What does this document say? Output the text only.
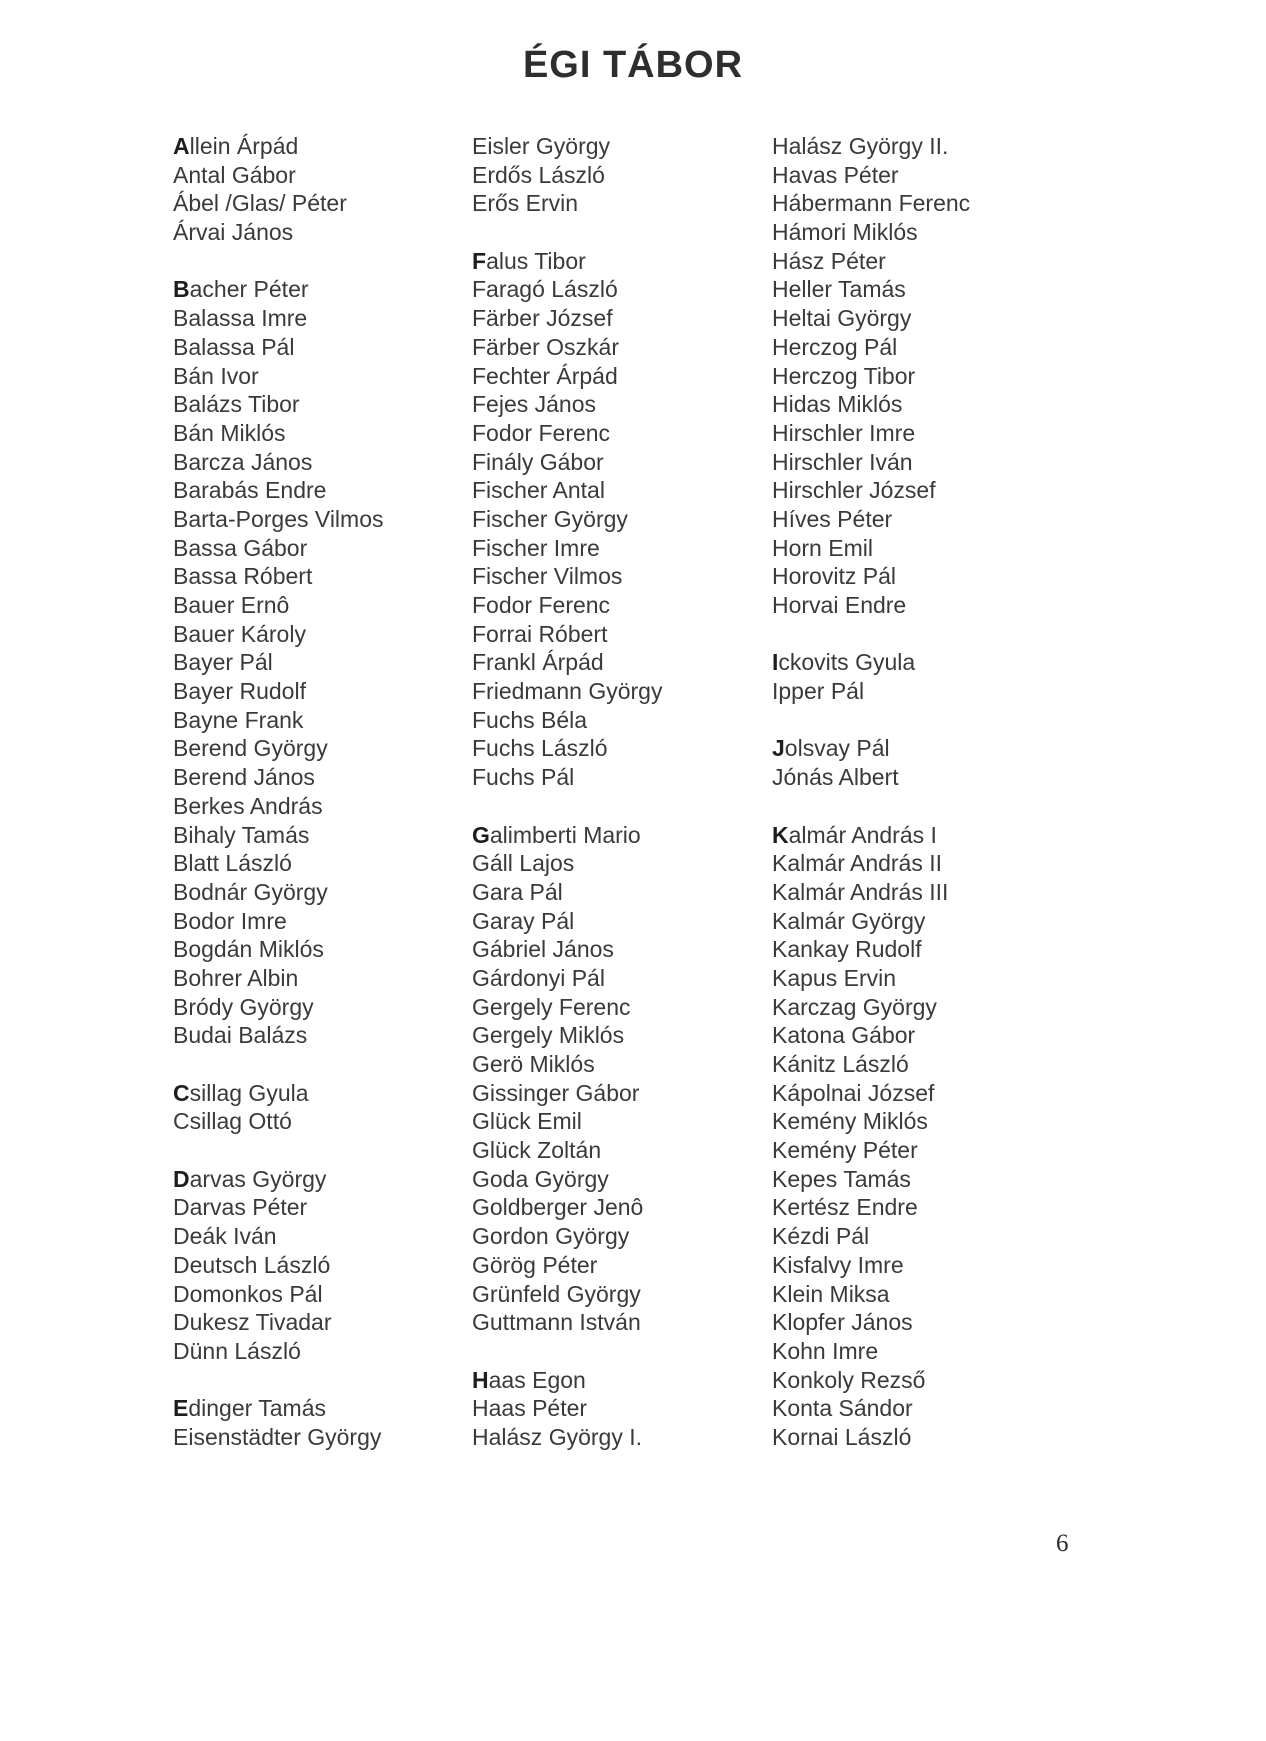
ÉGI TÁBOR
Allein Árpád
Antal Gábor
Ábel /Glas/ Péter
Árvai János

Bacher Péter
Balassa Imre
Balassa Pál
Bán Ivor
Balázs Tibor
Bán Miklós
Barcza János
Barabás Endre
Barta-Porges Vilmos
Bassa Gábor
Bassa Róbert
Bauer Ernô
Bauer Károly
Bayer Pál
Bayer Rudolf
Bayne Frank
Berend György
Berend János
Berkes András
Bihaly Tamás
Blatt László
Bodnár György
Bodor Imre
Bogdán Miklós
Bohrer Albin
Bródy György
Budai Balázs

Csillag Gyula
Csillag Ottó

Darvas György
Darvas Péter
Deák Iván
Deutsch László
Domonkos Pál
Dukesz Tivadar
Dünn László

Edinger Tamás
Eisenstädter György
Eisler György
Erdős László
Erős Ervin

Falus Tibor
Faragó László
Färber József
Färber Oszkár
Fechter Árpád
Fejes János
Fodor Ferenc
Finály Gábor
Fischer Antal
Fischer György
Fischer Imre
Fischer Vilmos
Fodor Ferenc
Forrai Róbert
Frankl Árpád
Friedmann György
Fuchs Béla
Fuchs László
Fuchs Pál

Galimberti Mario
Gáll Lajos
Gara Pál
Garay Pál
Gábriel János
Gárdonyi Pál
Gergely Ferenc
Gergely Miklós
Gerö Miklós
Gissinger Gábor
Glück Emil
Glück Zoltán
Goda György
Goldberger Jenô
Gordon György
Görög Péter
Grünfeld György
Guttmann István

Haas Egon
Haas Péter
Halász György I.
Halász György II.
Havas Péter
Hábermann Ferenc
Hámori Miklós
Hász Péter
Heller Tamás
Heltai György
Herczog Pál
Herczog Tibor
Hidas Miklós
Hirschler Imre
Hirschler Iván
Hirschler József
Híves Péter
Horn Emil
Horovitz Pál
Horvai Endre

Ickovits Gyula
Ipper Pál

Jolsvay Pál
Jónás Albert

Kalmár András I
Kalmár András II
Kalmár András III
Kalmár György
Kankay Rudolf
Kapus Ervin
Karczag György
Katona Gábor
Kánitz László
Kápolnai József
Kemény Miklós
Kemény Péter
Kepes Tamás
Kertész Endre
Kézdi Pál
Kisfalvy Imre
Klein Miksa
Klopfer János
Kohn Imre
Konkoly Rezső
Konta Sándor
Kornai László
6
